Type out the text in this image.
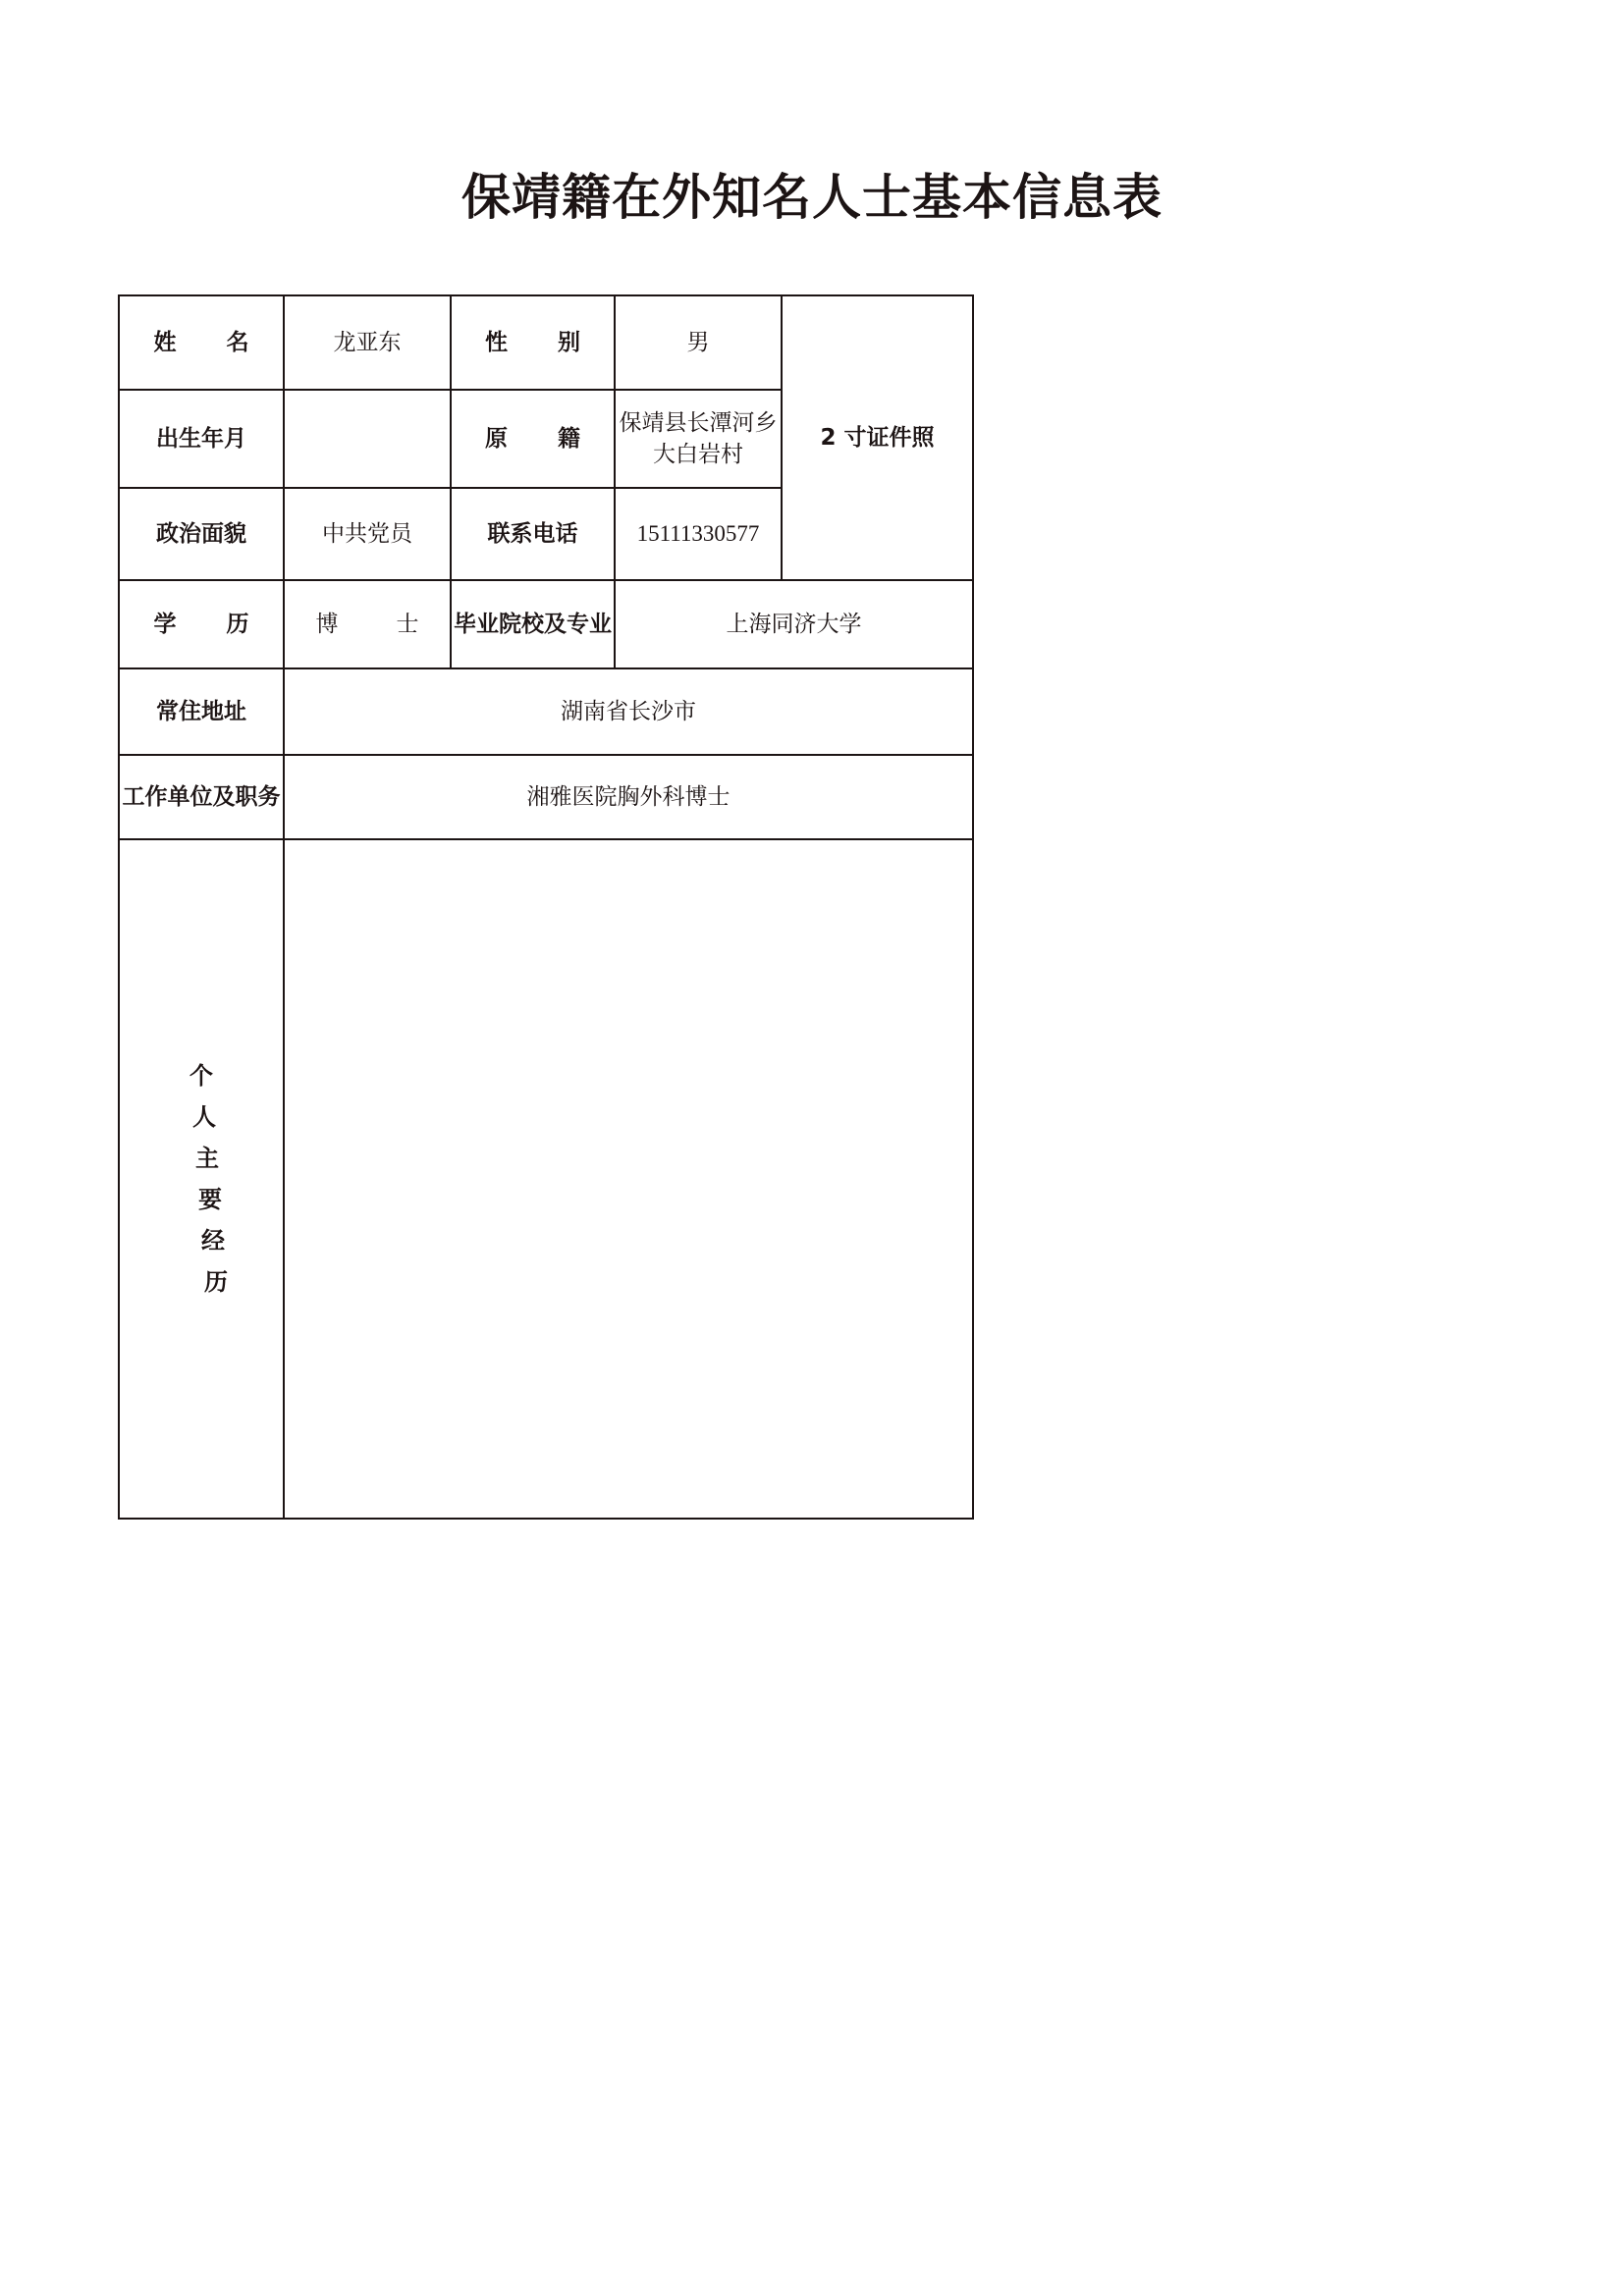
保靖籍在外知名人士基本信息表
姓　名	龙亚东	性　别	男	2 寸证件照
出生年月		原　籍	保靖县长潭河乡
大白岩村	

政治面貌	中共党员	联系电话	15111330577	
学　历	博　士	毕业院校及专业	上海同济大学	
常住地址	湖南省长沙市			
工作单位及职务	湘雅医院胸外科博士			

个
人
主
要
经
历
